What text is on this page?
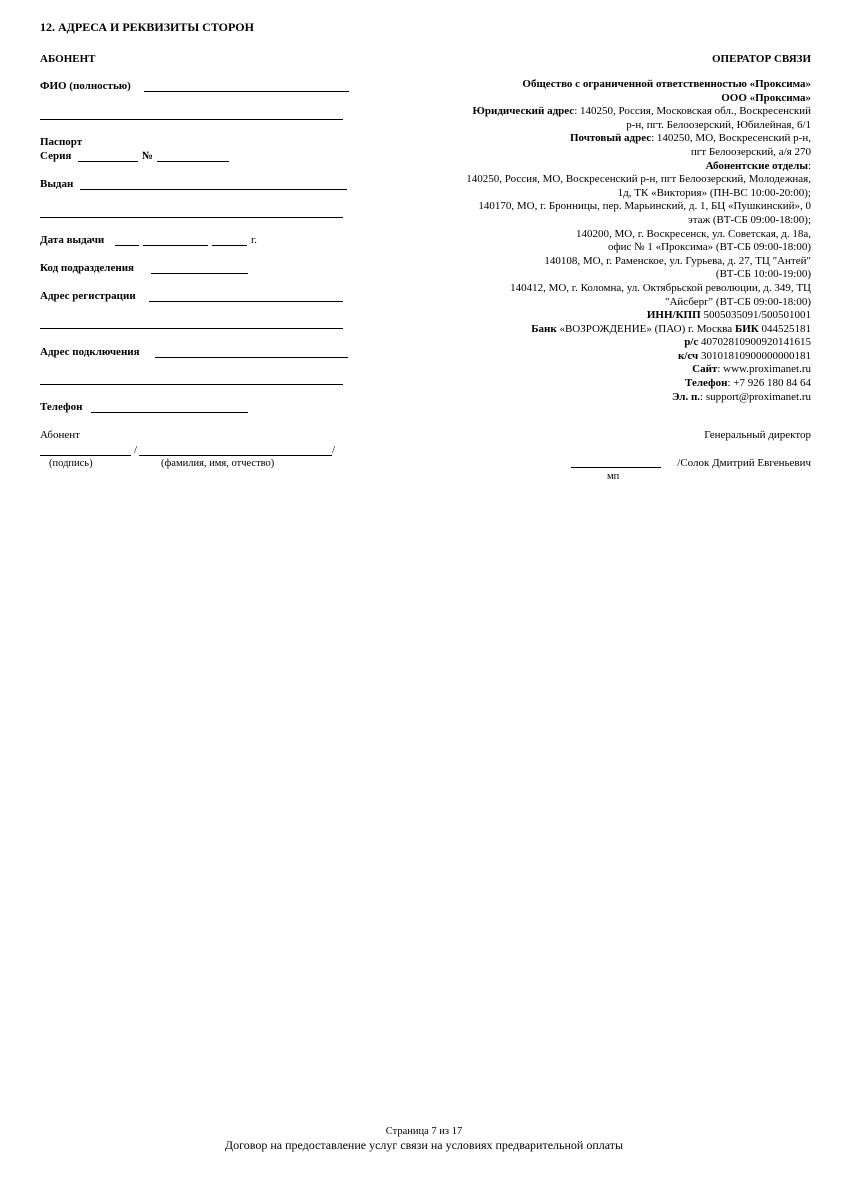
12. АДРЕСА И РЕКВИЗИТЫ СТОРОН
АБОНЕНТ	ОПЕРАТОР СВЯЗИ
ФИО (полностью)
Паспорт
Серия	№
Выдан
Дата выдачи	г.
Код подразделения
Адрес регистрации
Адрес подключения
Телефон
Абонент
/	/
(подпись)	(фамилия, имя, отчество)
Общество с ограниченной ответственностью «Проксима»
ООО «Проксима»
Юридический адрес: 140250, Россия, Московская обл., Воскресенский
р-н, пгт. Белоозерский, Юбилейная, 6/1
Почтовый адрес: 140250, МО, Воскресенский р-н,
пгт Белоозерский, а/я 270
Абонентские отделы:
140250, Россия, МО, Воскресенский р-н, пгт Белоозерский, Молодежная,
1д, ТК «Виктория» (ПН-ВС 10:00-20:00);
140170, МО, г. Бронницы, пер. Марьинский, д. 1, БЦ «Пушкинский», 0
этаж (ВТ-СБ 09:00-18:00);
140200, МО, г. Воскресенск, ул. Советская, д. 18а,
офис № 1 «Проксима» (ВТ-СБ 09:00-18:00)
140108, МО, г. Раменское, ул. Гурьева, д. 27, ТЦ "Антей"
(ВТ-СБ 10:00-19:00)
140412, МО, г. Коломна, ул. Октябрьской революции, д. 349, ТЦ
"Айсберг" (ВТ-СБ 09:00-18:00)
ИНН/КПП 5005035091/500501001
Банк «ВОЗРОЖДЕНИЕ» (ПАО) г. Москва БИК 044525181
р/с 40702810900920141615
к/сч 30101810900000000181
Сайт: www.proximanet.ru
Телефон: +7 926 180 84 64
Эл. п.: support@proximanet.ru
Генеральный директор
/Солок Дмитрий Евгеньевич
мп
Страница 7 из 17
Договор на предоставление услуг связи на условиях предварительной оплаты
